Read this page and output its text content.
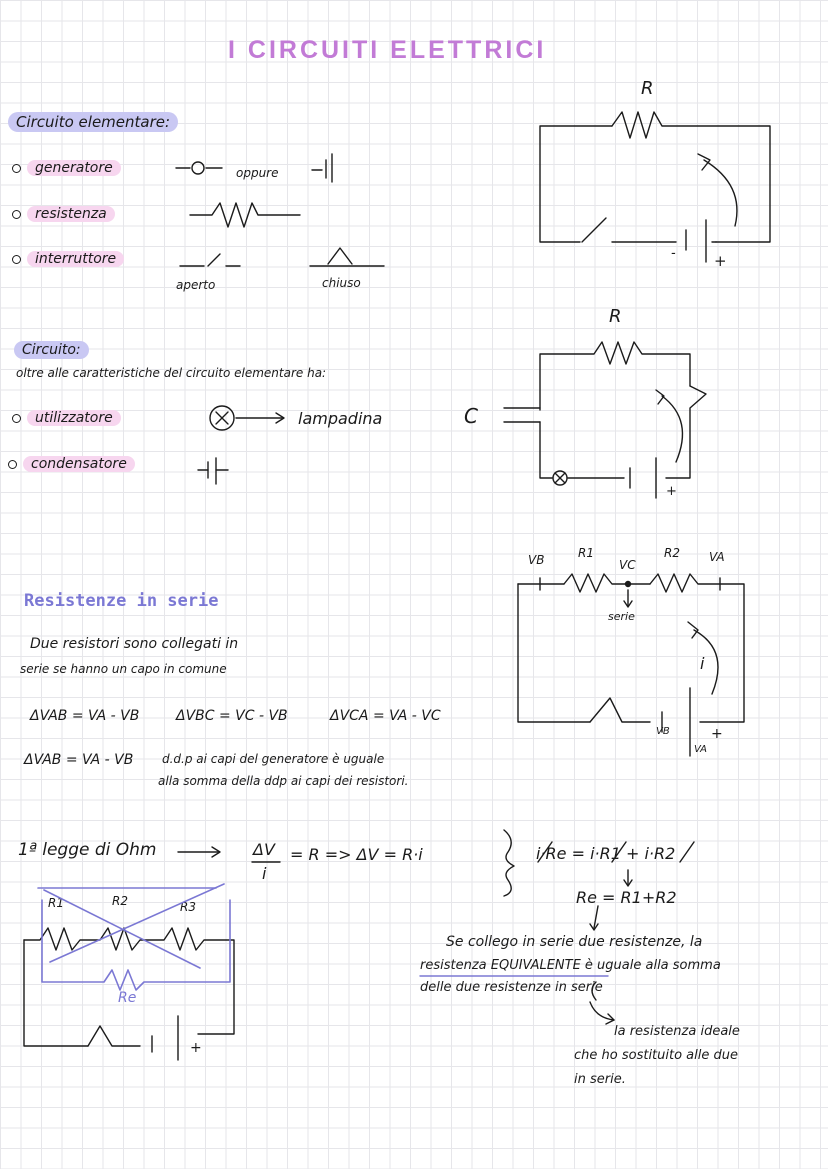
I CIRCUITI ELETTRICI
Circuito elementare:
generatore
resistenza
interruttore
oppure
aperto	chiuso
R
-	+
Circuito:
oltre alle caratteristiche del circuito elementare ha:
utilizzatore	lampadina
condensatore
C
R
+
Resistenze in serie
Due resistori sono collegati in
serie se hanno un capo in comune
ΔVAB = VA - VB	ΔVBC = VC - VB	ΔVCA = VA - VC
ΔVAB = VA - VB d.d.p ai capi del generatore è uguale
alla somma della ddp ai capi dei resistori.
VB	R1
VC
R2 VA
serie
i
VB
VA
+
1ª legge di Ohm	ΔV
i
= R => ΔV = R·i	i·Re = i·R1 + i·R2
Re = R1+R2
Se collego in serie due resistenze, la
resistenza EQUIVALENTE è uguale alla somma
delle due resistenze in serie
la resistenza ideale
che ho sostituito alle due
in serie.
R1	R2	R3
Re
+
